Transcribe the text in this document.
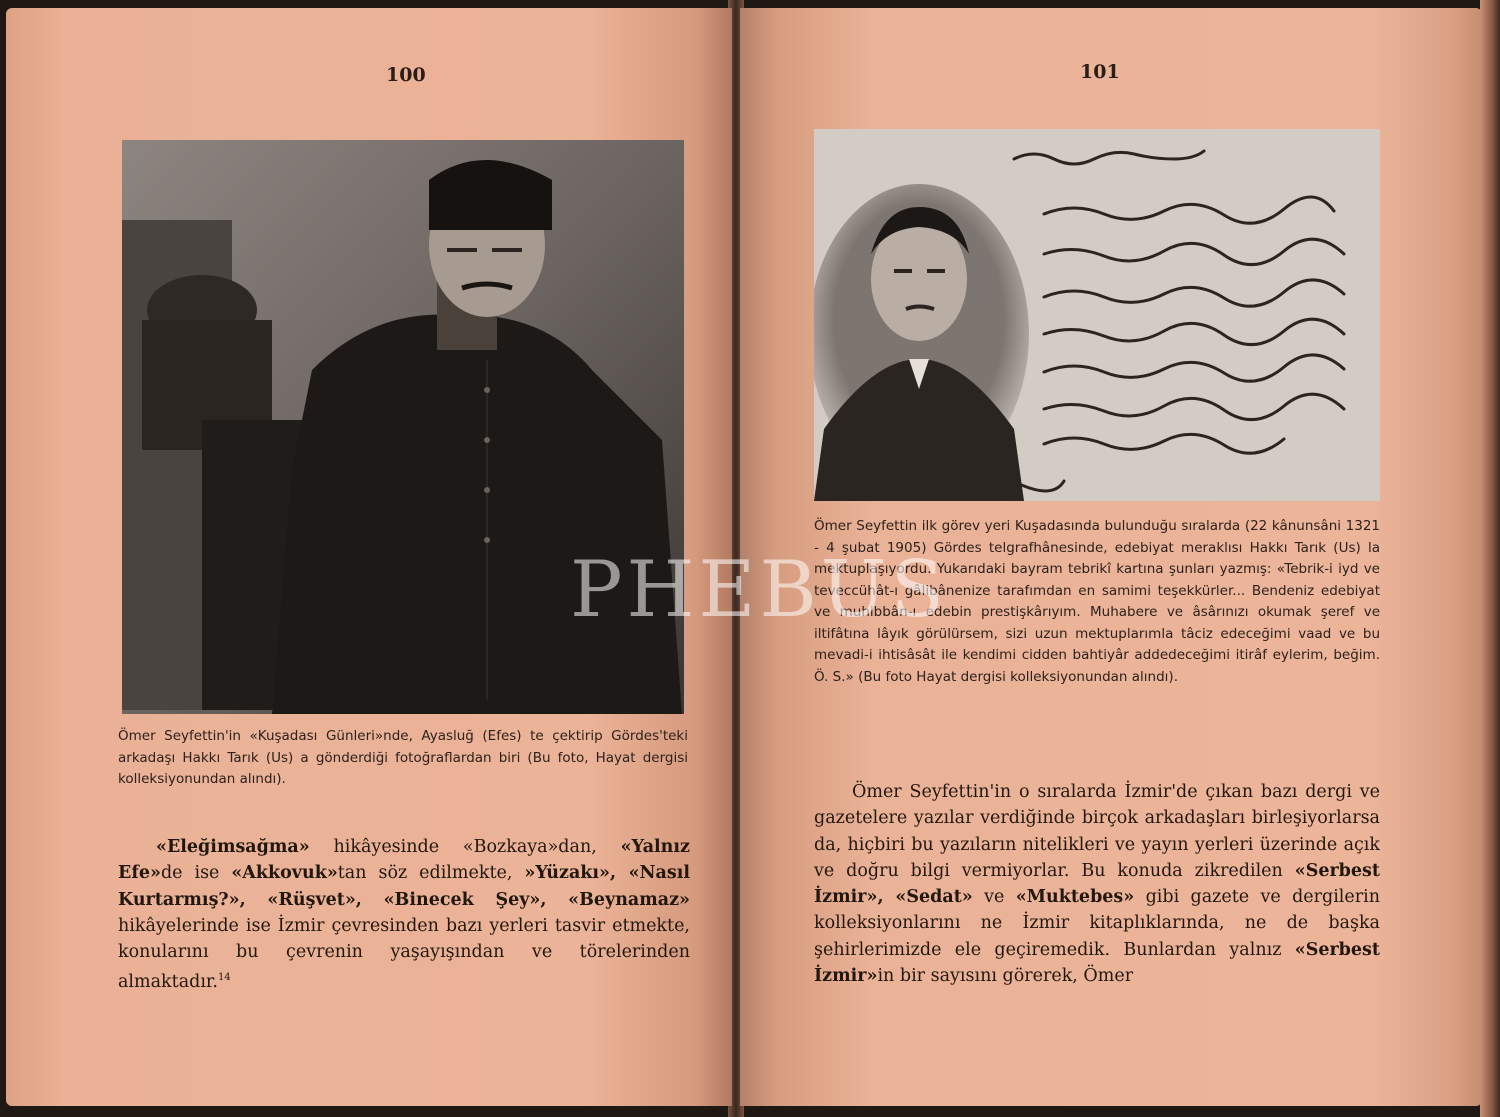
100
Ömer Seyfettin'in «Kuşadası Günleri»nde, Ayasluğ (Efes) te çektirip Gördes'teki arkadaşı Hakkı Tarık (Us) a gönderdiği fotoğraflardan biri (Bu foto, Hayat dergisi kolleksiyonundan alındı).

«Eleğimsağma» hikâyesinde «Bozkaya»dan, «Yalnız Efe»de ise «Akkovuk»tan söz edilmekte, »Yüzakı», «Nasıl Kurtarmış?», «Rüşvet», «Binecek Şey», «Beynamaz» hikâyelerinde ise İzmir çevresinden bazı yerleri tasvir etmekte, konularını bu çevrenin yaşayışından ve törelerinden almaktadır.$^{14}$

101
Ömer Seyfettin ilk görev yeri Kuşadasında bulunduğu sıralarda (22 kânunsâni 1321 - 4 şubat 1905) Gördes telgrafhânesinde, edebiyat meraklısı Hakkı Tarık (Us) la mektuplaşıyordu. Yukarıdaki bayram tebrikî kartına şunları yazmış: «Tebrik-i iyd ve teveccühât-ı gâlibânenize tarafımdan en samimi teşekkürler... Bendeniz edebiyat ve muhibbân-ı edebin prestişkârıyım. Muhabere ve âsârınızı okumak şeref ve iltifâtına lâyık görülürsem, sizi uzun mektuplarımla tâciz edeceğimi vaad ve bu mevadi-i ihtisâsât ile kendimi cidden bahtiyâr addedeceğimi itirâf eylerim, beğim. Ö. S.» (Bu foto Hayat dergisi kolleksiyonundan alındı).

Ömer Seyfettin'in o sıralarda İzmir'de çıkan bazı dergi ve gazetelere yazılar verdiğinde birçok arkadaşları birleşiyorlarsa da, hiçbiri bu yazıların nitelikleri ve yayın yerleri üzerinde açık ve doğru bilgi vermiyorlar. Bu konuda zikredilen «Serbest İzmir», «Sedat» ve «Muktebes» gibi gazete ve dergilerin kolleksiyonlarını ne İzmir kitaplıklarında, ne de başka şehirlerimizde ele geçiremedik. Bunlardan yalnız «Serbest İzmir»in bir sayısını görerek, Ömer

PHEBUS
